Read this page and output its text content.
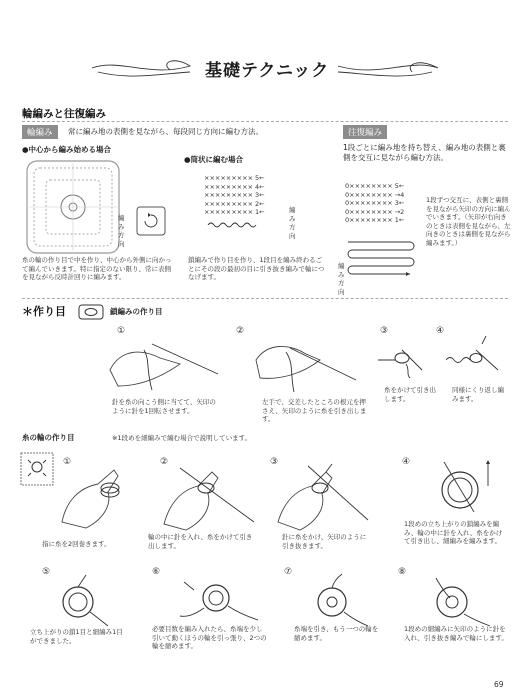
基礎テクニック
輪編みと往復編み
輪編み	常に編み地の表側を見ながら、毎段同じ方向に編む方法。	往復編み
1段ごとに編み地を持ち替え、編み地の表側と裏側を交互に見ながら編む方法。
●中心から編み始める場合
●筒状に編む場合
編み方向
糸の輪の作り目で中を作り、中心から外側に向かって編んでいきます。特に指定のない限り、常に表側を見ながら反時計回りに編みます。
××××××××× 5←
××××××××× 4←
××××××××× 3←
××××××××× 2←
××××××××× 1←	編み方向
鎖編みで作り目を作り、1段目を編み終わるごとにその段の最初の目に引き抜き編みで輪につなげます。
0×××××××× 5←
0×××××××× →4
0×××××××× 3←
0×××××××× →2
0×××××××× 1←
編み方向
1段ずつ交互に、表側と裏側を見ながら矢印の方向に編んでいきます。（矢印が右向きのときは表側を見ながら、左向きのときは裏側を見ながら編みます。）
＊作り目	鎖編みの作り目
①
針を糸の向こう側に当てて、矢印のように針を1回転させます。
②
左手で、交差したところの根元を押さえ、矢印のように糸を引き出します。
③
糸をかけて引き出します。
④
同様にくり返し編みます。
糸の輪の作り目	※1段めを細編みで編む場合で説明しています。
①
指に糸を2回巻きます。
②
輪の中に針を入れ、糸をかけて引き出します。
③
針に糸をかけ、矢印のように引き抜きます。
④
1段めの立ち上がりの鎖編みを編み、輪の中に針を入れ、糸をかけて引き出し、細編みを編みます。
⑤
立ち上がりの鎖1目と細編み1目ができました。
⑥
必要目数を編み入れたら、糸端を少し引いて動くほうの輪を引っ張り、2つの輪を縮めます。
⑦
糸端を引き、もう一つの輪を縮めます。
⑧
1段めの細編みに矢印のように針を入れ、引き抜き編みで輪にします。
69
